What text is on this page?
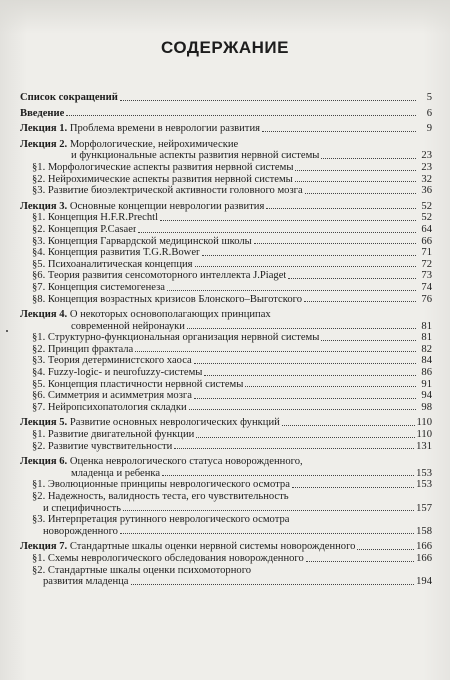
СОДЕРЖАНИЕ
Список сокращений	5
Введение	6
Лекция 1. Проблема времени в неврологии развития	9
Лекция 2. Морфологические, нейрохимические
и функциональные аспекты развития нервной системы	23
§1. Морфологические аспекты развития нервной системы	23
§2. Нейрохимические аспекты развития нервной системы	32
§3. Развитие биоэлектрической активности головного мозга	36
Лекция 3. Основные концепции неврологии развития	52
§1. Концепция H.F.R.Prechtl	52
§2. Концепция P.Casaer	64
§3. Концепция Гарвардской медицинской школы	66
§4. Концепция развития T.G.R.Bower	71
§5. Психоаналитическая концепция	72
§6. Теория развития сенсомоторного интеллекта J.Piaget	73
§7. Концепция системогенеза	74
§8. Концепция возрастных кризисов Блонского–Выготского	76
Лекция 4. О некоторых основополагающих принципах
современной нейронауки	81
§1. Структурно-функциональная организация нервной системы	81
§2. Принцип фрактала	82
§3. Теория детерминистского хаоса	84
§4. Fuzzy-logic- и neurofuzzy-системы	86
§5. Концепция пластичности нервной системы	91
§6. Симметрия и асимметрия мозга	94
§7. Нейропсихопатология складки	98
Лекция 5. Развитие основных неврологических функций	110
§1. Развитие двигательной функции	110
§2. Развитие чувствительности	131
Лекция 6. Оценка неврологического статуса новорожденного,
младенца и ребенка	153
§1. Эволюционные принципы неврологического осмотра	153
§2. Надежность, валидность теста, его чувствительность
и специфичность	157
§3. Интерпретация рутинного неврологического осмотра
новорожденного	158
Лекция 7. Стандартные шкалы оценки нервной системы новорожденного	166
§1. Схемы неврологического обследования новорожденного	166
§2. Стандартные шкалы оценки психомоторного
развития младенца	194
